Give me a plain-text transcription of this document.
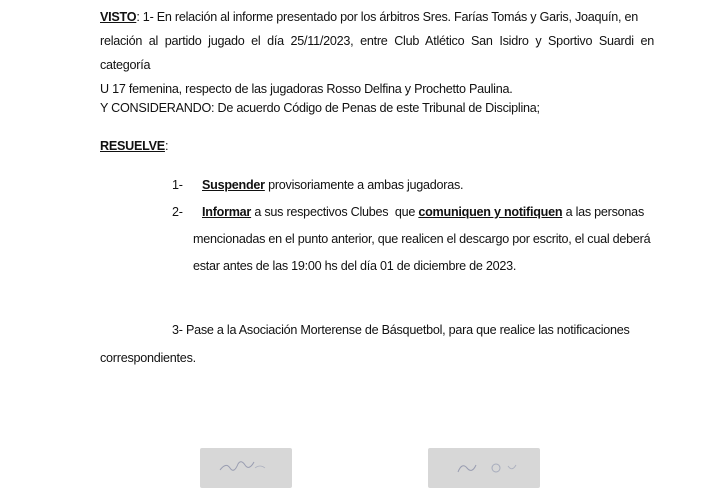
VISTO: 1- En relación al informe presentado por los árbitros Sres. Farías Tomás y Garis, Joaquín, en
relación al partido jugado el día 25/11/2023, entre Club Atlético San Isidro y Sportivo Suardi en categoría
U 17 femenina, respecto de las jugadoras Rosso Delfina y Prochetto Paulina.
Y CONSIDERANDO: De acuerdo Código de Penas de este Tribunal de Disciplina;
RESUELVE:
1- Suspender provisoriamente a ambas jugadoras.
2-	Informar a sus respectivos Clubes  que comuniquen y notifiquen a las personas
mencionadas en el punto anterior, que realicen el descargo por escrito, el cual deberá
estar antes de las 19:00 hs del día 01 de diciembre de 2023.
3- Pase a la Asociación Morterense de Básquetbol, para que realice las notificaciones
correspondientes.
